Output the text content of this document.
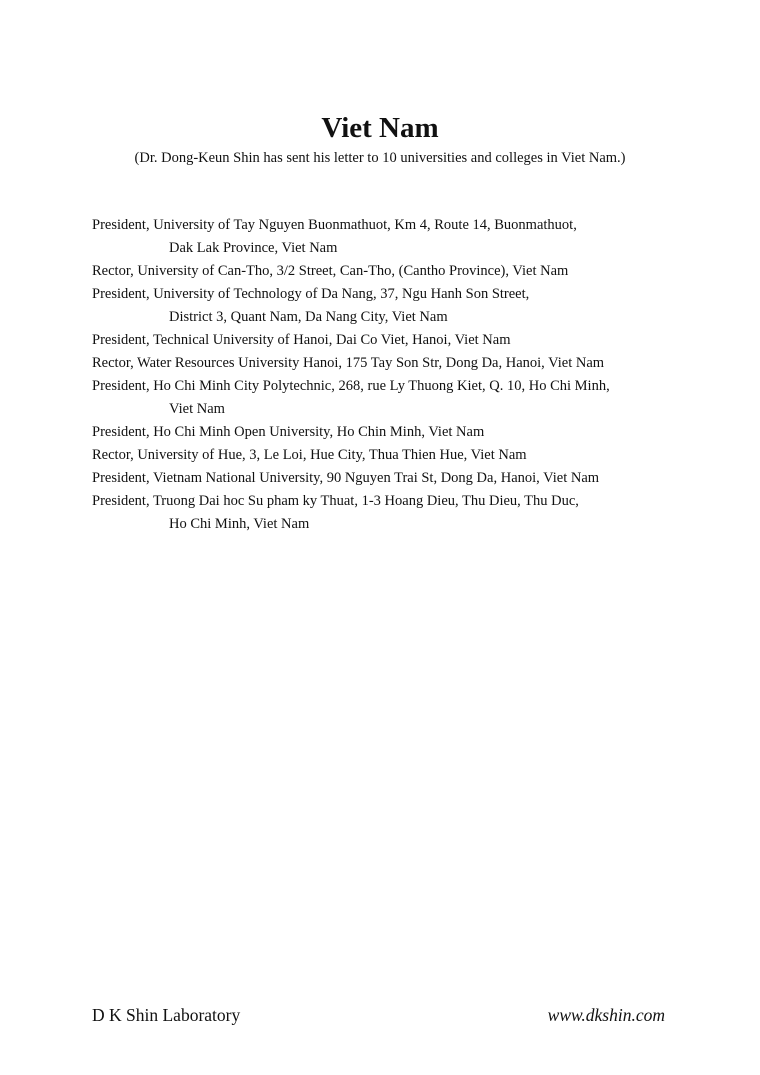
Viet Nam

(Dr. Dong-Keun Shin has sent his letter to 10 universities and colleges in Viet Nam.)

President, University of Tay Nguyen Buonmathuot, Km 4, Route 14, Buonmathuot,
Dak Lak Province, Viet Nam
Rector, University of Can-Tho, 3/2 Street, Can-Tho, (Cantho Province), Viet Nam
President, University of Technology of Da Nang, 37, Ngu Hanh Son Street,
District 3, Quant Nam, Da Nang City, Viet Nam
President, Technical University of Hanoi, Dai Co Viet, Hanoi, Viet Nam
Rector, Water Resources University Hanoi, 175 Tay Son Str, Dong Da, Hanoi, Viet Nam
President, Ho Chi Minh City Polytechnic, 268, rue Ly Thuong Kiet, Q. 10, Ho Chi Minh,
Viet Nam
President, Ho Chi Minh Open University, Ho Chin Minh, Viet Nam
Rector, University of Hue, 3, Le Loi, Hue City, Thua Thien Hue, Viet Nam
President, Vietnam National University, 90 Nguyen Trai St, Dong Da, Hanoi, Viet Nam
President, Truong Dai hoc Su pham ky Thuat, 1-3 Hoang Dieu, Thu Dieu, Thu Duc,
Ho Chi Minh, Viet Nam
D K Shin Laboratory	www.dkshin.com
